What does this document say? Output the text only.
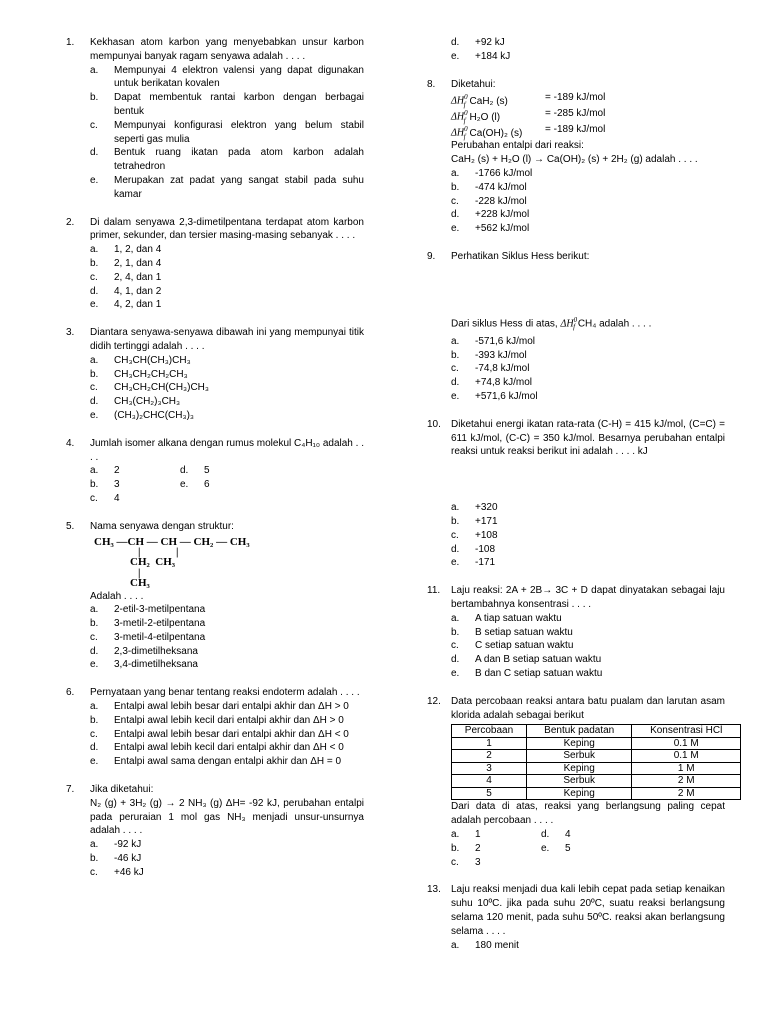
1. Kekhasan atom karbon yang menyebabkan unsur karbon mempunyai banyak ragam senyawa adalah . . . .
a. Mempunyai 4 elektron valensi yang dapat digunakan untuk berikatan kovalen
b. Dapat membentuk rantai karbon dengan berbagai bentuk
c. Mempunyai konfigurasi elektron yang belum stabil seperti gas mulia
d. Bentuk ruang ikatan pada atom karbon adalah tetrahedron
e. Merupakan zat padat yang sangat stabil pada suhu kamar
2. Di dalam senyawa 2,3-dimetilpentana terdapat atom karbon primer, sekunder, dan tersier masing-masing sebanyak . . . .
a. 1, 2, dan 4
b. 2, 1, dan 4
c. 2, 4, dan 1
d. 4, 1, dan 2
e. 4, 2, dan 1
3. Diantara senyawa-senyawa dibawah ini yang mempunyai titik didih tertinggi adalah . . . .
a. CH₃CH(CH₃)CH₃
b. CH₃CH₂CH₂CH₃
c. CH₃CH₂CH(CH₃)CH₃
d. CH₃(CH₂)₃CH₃
e. (CH₃)₂CHC(CH₃)₃
4. Jumlah isomer alkana dengan rumus molekul C₄H₁₀ adalah . . . .
a. 2	d. 5
b. 3	e. 6
c. 4
5. Nama senyawa dengan struktur:
CH₃ —CH — CH — CH₂ — CH₃
|	|
CH₂  CH₃
|
CH₃
Adalah . . . .
a. 2-etil-3-metilpentana
b. 3-metil-2-etilpentana
c. 3-metil-4-etilpentana
d. 2,3-dimetilheksana
e. 3,4-dimetilheksana
6. Pernyataan yang benar tentang reaksi endoterm adalah . . . .
a. Entalpi awal lebih besar dari entalpi akhir dan ΔH > 0
b. Entalpi awal lebih kecil dari entalpi akhir dan ΔH > 0
c. Entalpi awal lebih besar dari entalpi akhir dan ΔH < 0
d. Entalpi awal lebih kecil dari entalpi akhir dan ΔH < 0
e. Entalpi awal sama dengan entalpi akhir dan ΔH = 0
7. Jika diketahui:
N₂ (g) + 3H₂ (g) → 2 NH₃ (g) ΔH= -92 kJ, perubahan entalpi pada peruraian 1 mol gas NH₃ menjadi unsur-unsurnya adalah . . . .
a. -92 kJ
b. -46 kJ
c. +46 kJ
d. +92 kJ
e. +184 kJ
8. Diketahui:
$\Delta H^0_f$ CaH₂ (s)	= -189 kJ/mol
$\Delta H^0_f$ H₂O (l)	= -285 kJ/mol
$\Delta H^0_f$ Ca(OH)₂ (s) = -189 kJ/mol
Perubahan entalpi dari reaksi:
CaH₂ (s) + H₂O (l) → Ca(OH)₂ (s) + 2H₂ (g) adalah . . . .
a. -1766 kJ/mol
b. -474 kJ/mol
c. -228 kJ/mol
d. +228 kJ/mol
e. +562 kJ/mol
9. Perhatikan Siklus Hess berikut:
Dari siklus Hess di atas, $\Delta H^0_f$ CH₄ adalah . . . .
a. -571,6 kJ/mol
b. -393 kJ/mol
c. -74,8 kJ/mol
d. +74,8 kJ/mol
e. +571,6 kJ/mol
10. Diketahui energi ikatan rata-rata (C-H) = 415 kJ/mol, (C=C) = 611 kJ/mol, (C-C) = 350 kJ/mol. Besarnya perubahan entalpi reaksi untuk reaksi berikut ini adalah . . . . kJ
a. +320
b. +171
c. +108
d. -108
e. -171
11. Laju reaksi: 2A + 2B→ 3C + D dapat dinyatakan sebagai laju bertambahnya konsentrasi . . . .
a. A tiap satuan waktu
b. B setiap satuan waktu
c. C setiap satuan waktu
d. A dan B setiap satuan waktu
e. B dan C setiap satuan waktu
12. Data percobaan reaksi antara batu pualam dan larutan asam klorida adalah sebagai berikut
Percobaan	Bentuk padatan	Konsentrasi HCl
1	Keping	0.1 M
2	Serbuk	0.1 M
3	Keping	1 M
4	Serbuk	2 M
5	Keping	2 M
Dari data di atas, reaksi yang berlangsung paling cepat adalah percobaan . . . .
a. 1	d. 4
b. 2	e. 5
c. 3
13. Laju reaksi menjadi dua kali lebih cepat pada setiap kenaikan suhu 10ºC. jika pada suhu 20ºC, suatu reaksi berlangsung selama 120 menit, pada suhu 50ºC. reaksi akan berlangsung selama . . . .
a. 180 menit
